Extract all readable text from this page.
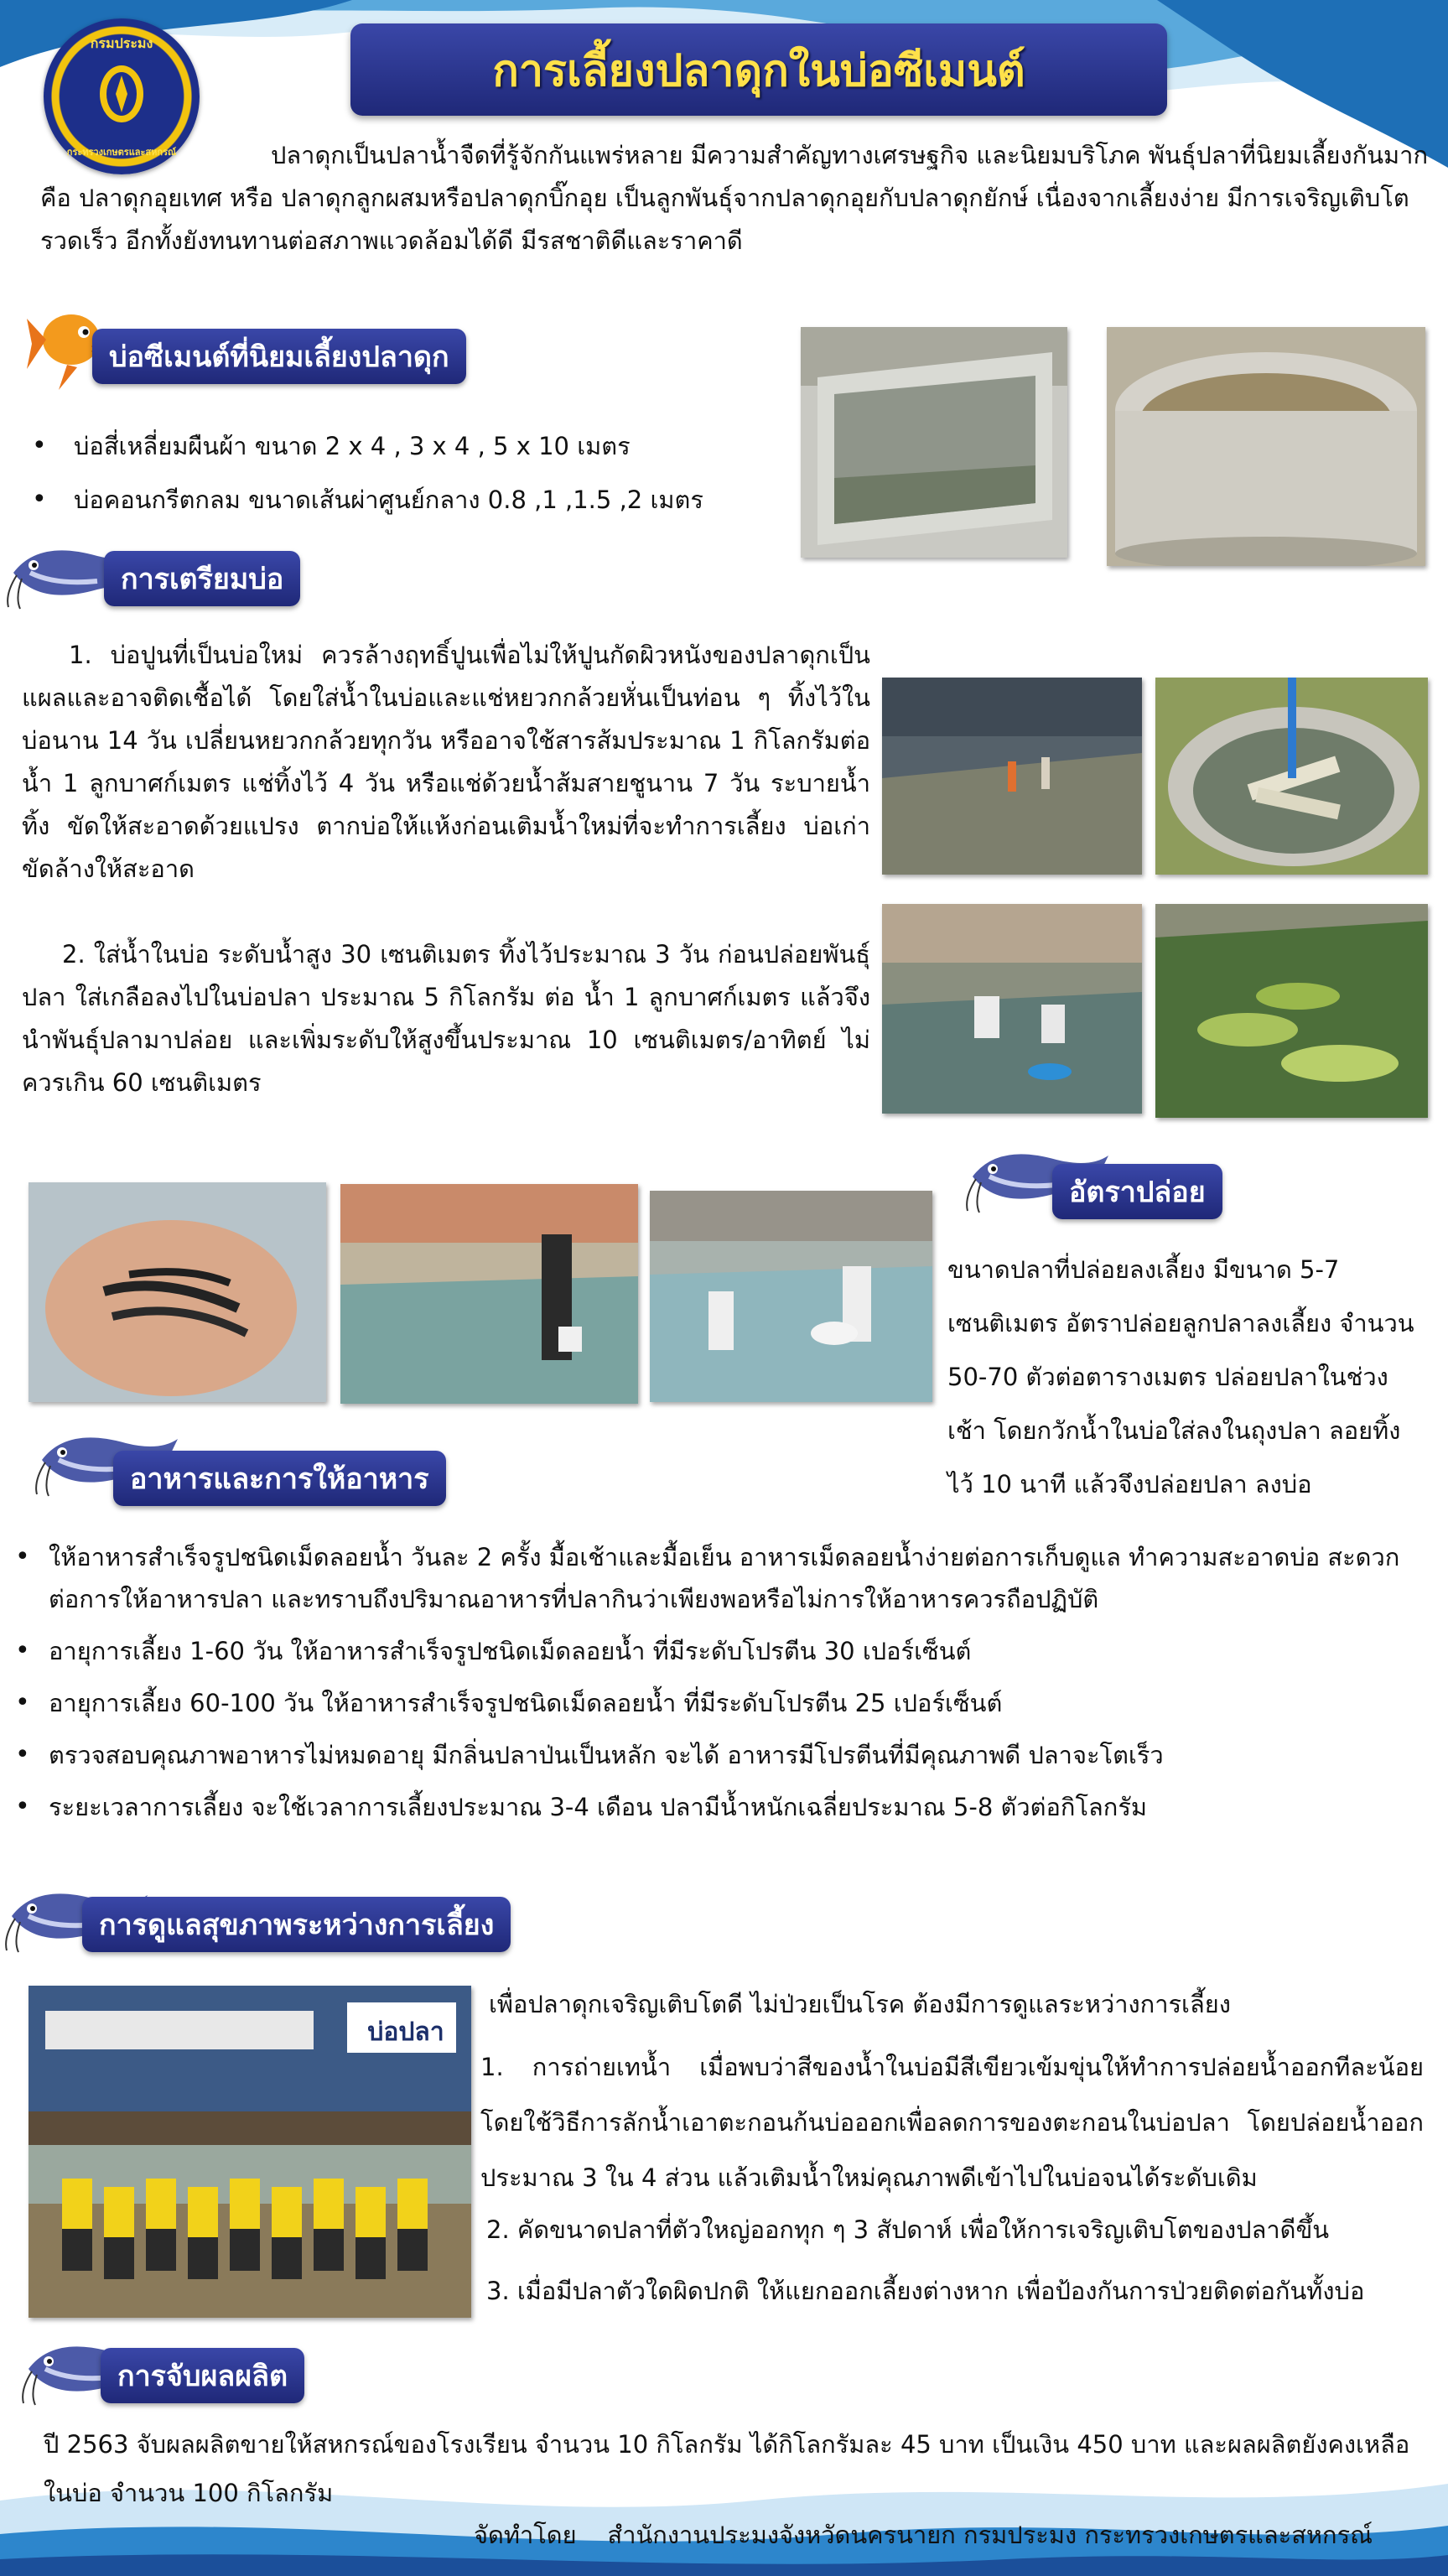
กรมประมง
กระทรวงเกษตรและสหกรณ์
การเลี้ยงปลาดุกในบ่อซีเมนต์
ปลาดุกเป็นปลาน้ำจืดที่รู้จักกันแพร่หลาย มีความสำคัญทางเศรษฐกิจ และนิยมบริโภค พันธุ์ปลาที่นิยมเลี้ยงกันมากคือ ปลาดุกอุยเทศ หรือ ปลาดุกลูกผสมหรือปลาดุกบิ๊กอุย เป็นลูกพันธุ์จากปลาดุกอุยกับปลาดุกยักษ์ เนื่องจากเลี้ยงง่าย มีการเจริญเติบโตรวดเร็ว อีกทั้งยังทนทานต่อสภาพแวดล้อมได้ดี มีรสชาติดีและราคาดี
บ่อซีเมนต์ที่นิยมเลี้ยงปลาดุก
• บ่อสี่เหลี่ยมผืนผ้า ขนาด 2 x 4 , 3 x 4 , 5 x 10 เมตร
• บ่อคอนกรีตกลม ขนาดเส้นผ่าศูนย์กลาง 0.8 ,1 ,1.5 ,2 เมตร
การเตรียมบ่อ
1. บ่อปูนที่เป็นบ่อใหม่ ควรล้างฤทธิ์ปูนเพื่อไม่ให้ปูนกัดผิวหนังของปลาดุกเป็นแผลและอาจติดเชื้อได้ โดยใส่น้ำในบ่อและแช่หยวกกล้วยหั่นเป็นท่อน ๆ ทิ้งไว้ในบ่อนาน 14 วัน เปลี่ยนหยวกกล้วยทุกวัน หรืออาจใช้สารส้มประมาณ 1 กิโลกรัมต่อน้ำ 1 ลูกบาศก์เมตร แช่ทิ้งไว้ 4 วัน หรือแช่ด้วยน้ำส้มสายชูนาน 7 วัน ระบายน้ำทิ้ง ขัดให้สะอาดด้วยแปรง ตากบ่อให้แห้งก่อนเติมน้ำใหม่ที่จะทำการเลี้ยง บ่อเก่าขัดล้างให้สะอาด
2. ใส่น้ำในบ่อ ระดับน้ำสูง 30 เซนติเมตร ทิ้งไว้ประมาณ 3 วัน ก่อนปล่อยพันธุ์ปลา ใส่เกลือลงไปในบ่อปลา ประมาณ 5 กิโลกรัม ต่อ น้ำ 1 ลูกบาศก์เมตร แล้วจึงนำพันธุ์ปลามาปล่อย และเพิ่มระดับให้สูงขึ้นประมาณ 10 เซนติเมตร/อาทิตย์ ไม่ควรเกิน 60 เซนติเมตร
อัตราปล่อย
ขนาดปลาที่ปล่อยลงเลี้ยง มีขนาด 5-7 เซนติเมตร อัตราปล่อยลูกปลาลงเลี้ยง จำนวน 50-70 ตัวต่อตารางเมตร ปล่อยปลาในช่วงเช้า โดยกวักน้ำในบ่อใส่ลงในถุงปลา ลอยทิ้งไว้ 10 นาที แล้วจึงปล่อยปลา ลงบ่อ
อาหารและการให้อาหาร
• ให้อาหารสำเร็จรูปชนิดเม็ดลอยน้ำ วันละ 2 ครั้ง มื้อเช้าและมื้อเย็น อาหารเม็ดลอยน้ำง่ายต่อการเก็บดูแล ทำความสะอาดบ่อ สะดวกต่อการให้อาหารปลา และทราบถึงปริมาณอาหารที่ปลากินว่าเพียงพอหรือไม่การให้อาหารควรถือปฏิบัติ
• อายุการเลี้ยง 1-60 วัน ให้อาหารสำเร็จรูปชนิดเม็ดลอยน้ำ ที่มีระดับโปรตีน 30 เปอร์เซ็นต์
• อายุการเลี้ยง 60-100 วัน ให้อาหารสำเร็จรูปชนิดเม็ดลอยน้ำ ที่มีระดับโปรตีน 25 เปอร์เซ็นต์
• ตรวจสอบคุณภาพอาหารไม่หมดอายุ มีกลิ่นปลาป่นเป็นหลัก จะได้ อาหารมีโปรตีนที่มีคุณภาพดี ปลาจะโตเร็ว
• ระยะเวลาการเลี้ยง จะใช้เวลาการเลี้ยงประมาณ 3-4 เดือน ปลามีน้ำหนักเฉลี่ยประมาณ 5-8 ตัวต่อกิโลกรัม
การดูแลสุขภาพระหว่างการเลี้ยง
บ่อปลา
เพื่อปลาดุกเจริญเติบโตดี ไม่ป่วยเป็นโรค ต้องมีการดูแลระหว่างการเลี้ยง
1. การถ่ายเทน้ำ เมื่อพบว่าสีของน้ำในบ่อมีสีเขียวเข้มขุ่นให้ทำการปล่อยน้ำออกทีละน้อยโดยใช้วิธีการลักน้ำเอาตะกอนก้นบ่อออกเพื่อลดการของตะกอนในบ่อปลา โดยปล่อยน้ำออกประมาณ 3 ใน 4 ส่วน แล้วเติมน้ำใหม่คุณภาพดีเข้าไปในบ่อจนได้ระดับเดิม
2. คัดขนาดปลาที่ตัวใหญ่ออกทุก ๆ 3 สัปดาห์ เพื่อให้การเจริญเติบโตของปลาดีขึ้น
3. เมื่อมีปลาตัวใดผิดปกติ ให้แยกออกเลี้ยงต่างหาก เพื่อป้องกันการป่วยติดต่อกันทั้งบ่อ
การจับผลผลิต
ปี 2563 จับผลผลิตขายให้สหกรณ์ของโรงเรียน จำนวน 10 กิโลกรัม ได้กิโลกรัมละ 45 บาท เป็นเงิน 450 บาท และผลผลิตยังคงเหลือในบ่อ จำนวน 100 กิโลกรัม
จัดทำโดย    สำนักงานประมงจังหวัดนครนายก กรมประมง กระทรวงเกษตรและสหกรณ์
